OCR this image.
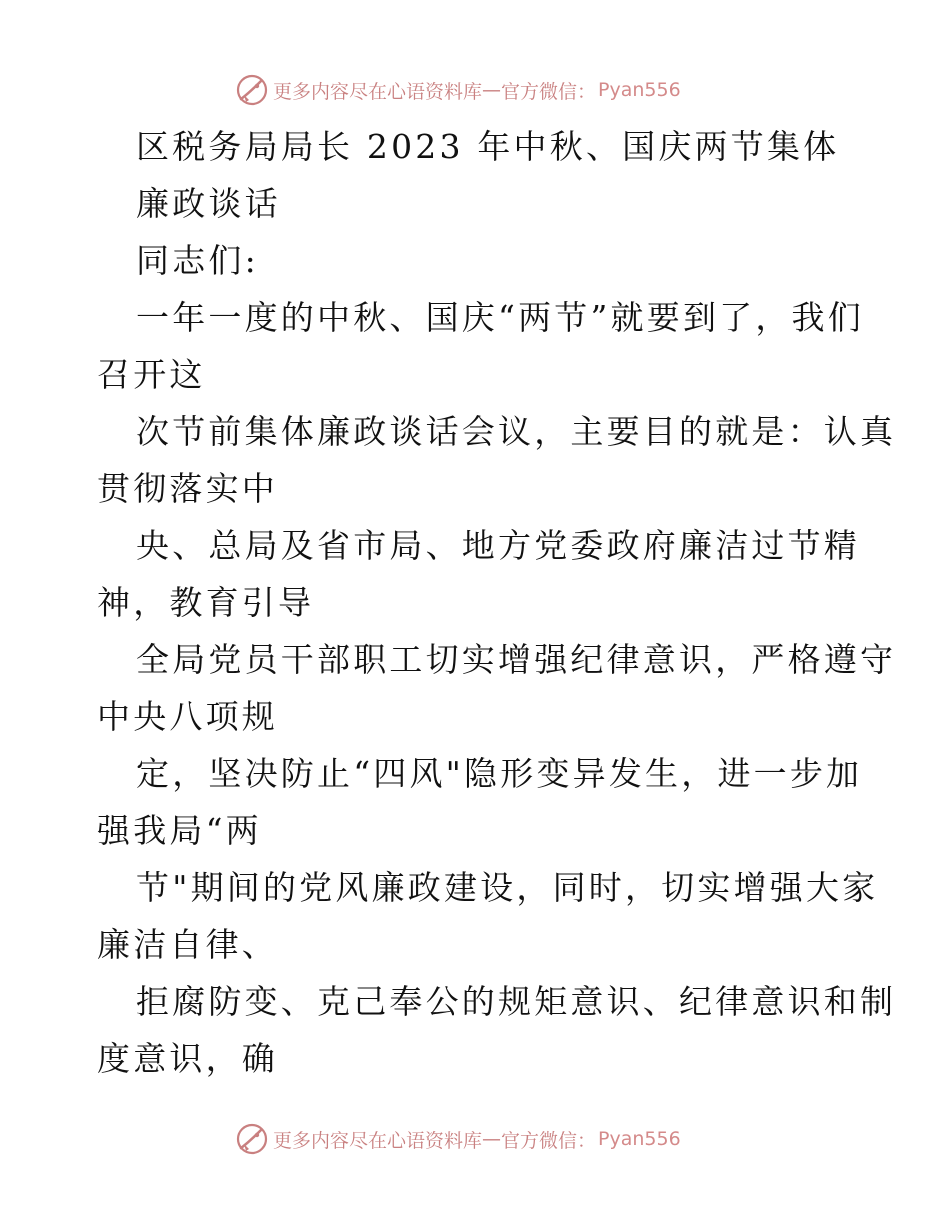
更多内容尽在心语资料库 — 官方微信： Pyan556
区税务局局长 2023 年中秋、国庆两节集体
廉政谈话
同志们:
一年一度的中秋、国庆“两节”就要到了，我们
召开这
次节前集体廉政谈话会议，主要目的就是：认真
贯彻落实中
央、总局及省市局、地方党委政府廉洁过节精
神，教育引导
全局党员干部职工切实增强纪律意识，严格遵守
中央八项规
定，坚决防止“四风"隐形变异发生，进一步加
强我局“两
节"期间的党风廉政建设，同时，切实增强大家
廉洁自律、
拒腐防变、克己奉公的规矩意识、纪律意识和制
度意识，确
更多内容尽在心语资料库 — 官方微信： Pyan556
